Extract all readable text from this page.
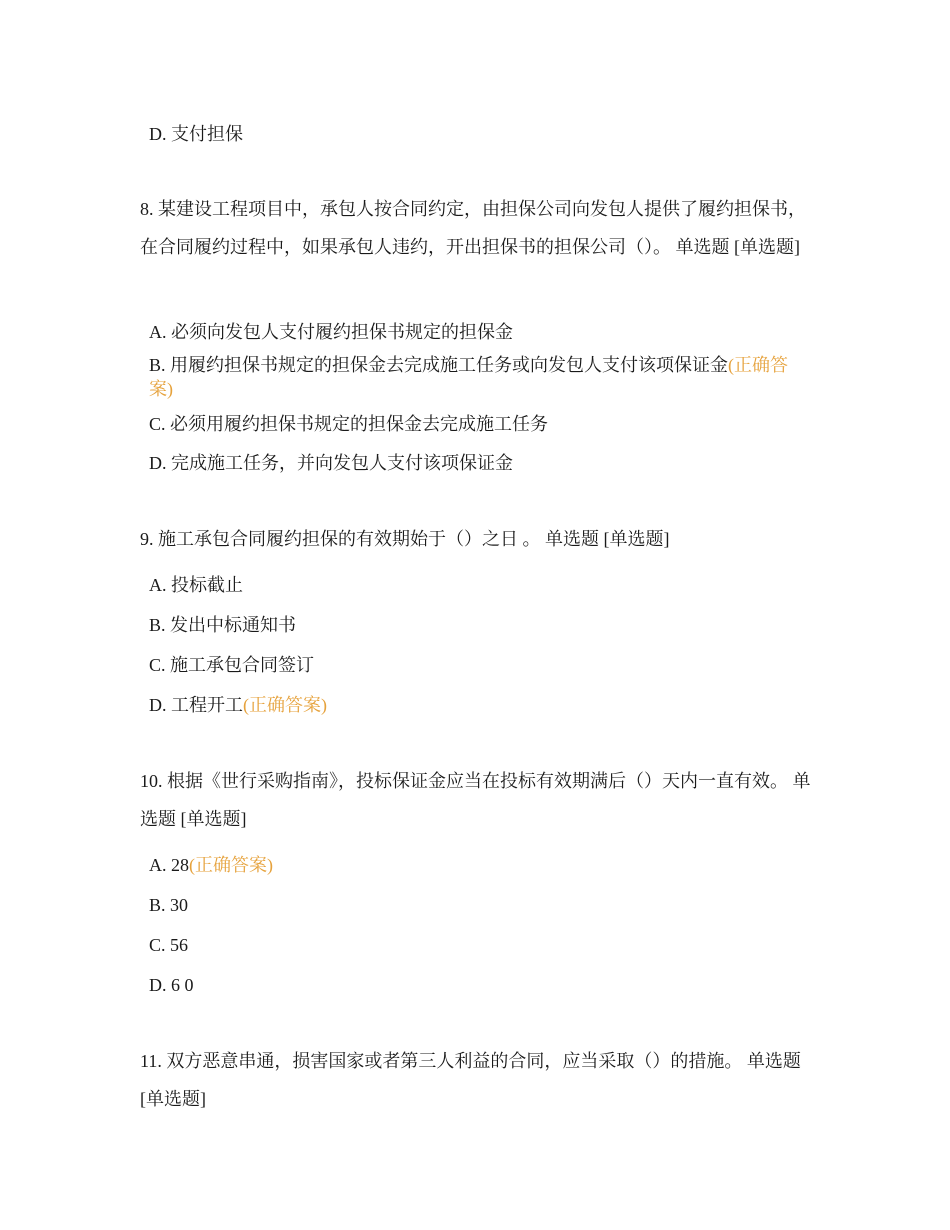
D. 支付担保
8. 某建设工程项目中，承包人按合同约定，由担保公司向发包人提供了履约担保书，在合同履约过程中，如果承包人违约，开出担保书的担保公司（）。 单选题 [单选题]
A. 必须向发包人支付履约担保书规定的担保金
B. 用履约担保书规定的担保金去完成施工任务或向发包人支付该项保证金(正确答案)
C. 必须用履约担保书规定的担保金去完成施工任务
D. 完成施工任务，并向发包人支付该项保证金
9. 施工承包合同履约担保的有效期始于（）之日 。 单选题 [单选题]
A. 投标截止
B. 发出中标通知书
C. 施工承包合同签订
D. 工程开工(正确答案)
10. 根据《世行采购指南》，投标保证金应当在投标有效期满后（）天内一直有效。 单选题 [单选题]
A. 28(正确答案)
B. 30
C. 56
D. 6 0
11. 双方恶意串通，损害国家或者第三人利益的合同，应当采取（）的措施。 单选题 [单选题]
